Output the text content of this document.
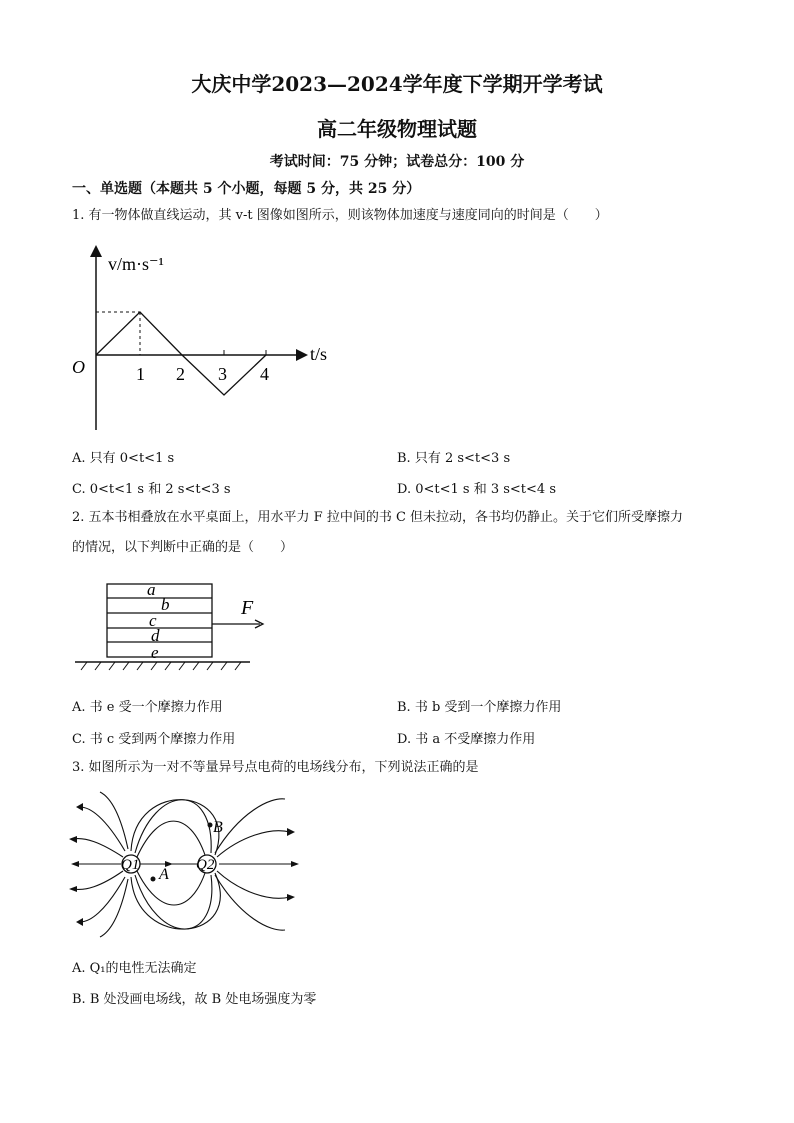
大庆中学2023—2024学年度下学期开学考试
高二年级物理试题
考试时间：75 分钟；试卷总分：100 分
一、单选题（本题共 5 个小题，每题 5 分，共 25 分）
1. 有一物体做直线运动，其 v-t 图像如图所示，则该物体加速度与速度同向的时间是（　　）
v/m·s⁻¹
t/s
O	1 2 3 4
A. 只有 0<t<1 s	B. 只有 2 s<t<3 s
C. 0<t<1 s 和 2 s<t<3 s	D. 0<t<1 s 和 3 s<t<4 s
2. 五本书相叠放在水平桌面上，用水平力 F 拉中间的书 C 但未拉动，各书均仍静止。关于它们所受摩擦力
的情况，以下判断中正确的是（　　）
a
b
c
d
e
F
A. 书 e 受一个摩擦力作用	B. 书 b 受到一个摩擦力作用
C. 书 c 受到两个摩擦力作用	D. 书 a 不受摩擦力作用
3. 如图所示为一对不等量异号点电荷的电场线分布，下列说法正确的是
Q1	Q2
B
A
A. Q₁的电性无法确定
B. B 处没画电场线，故 B 处电场强度为零
